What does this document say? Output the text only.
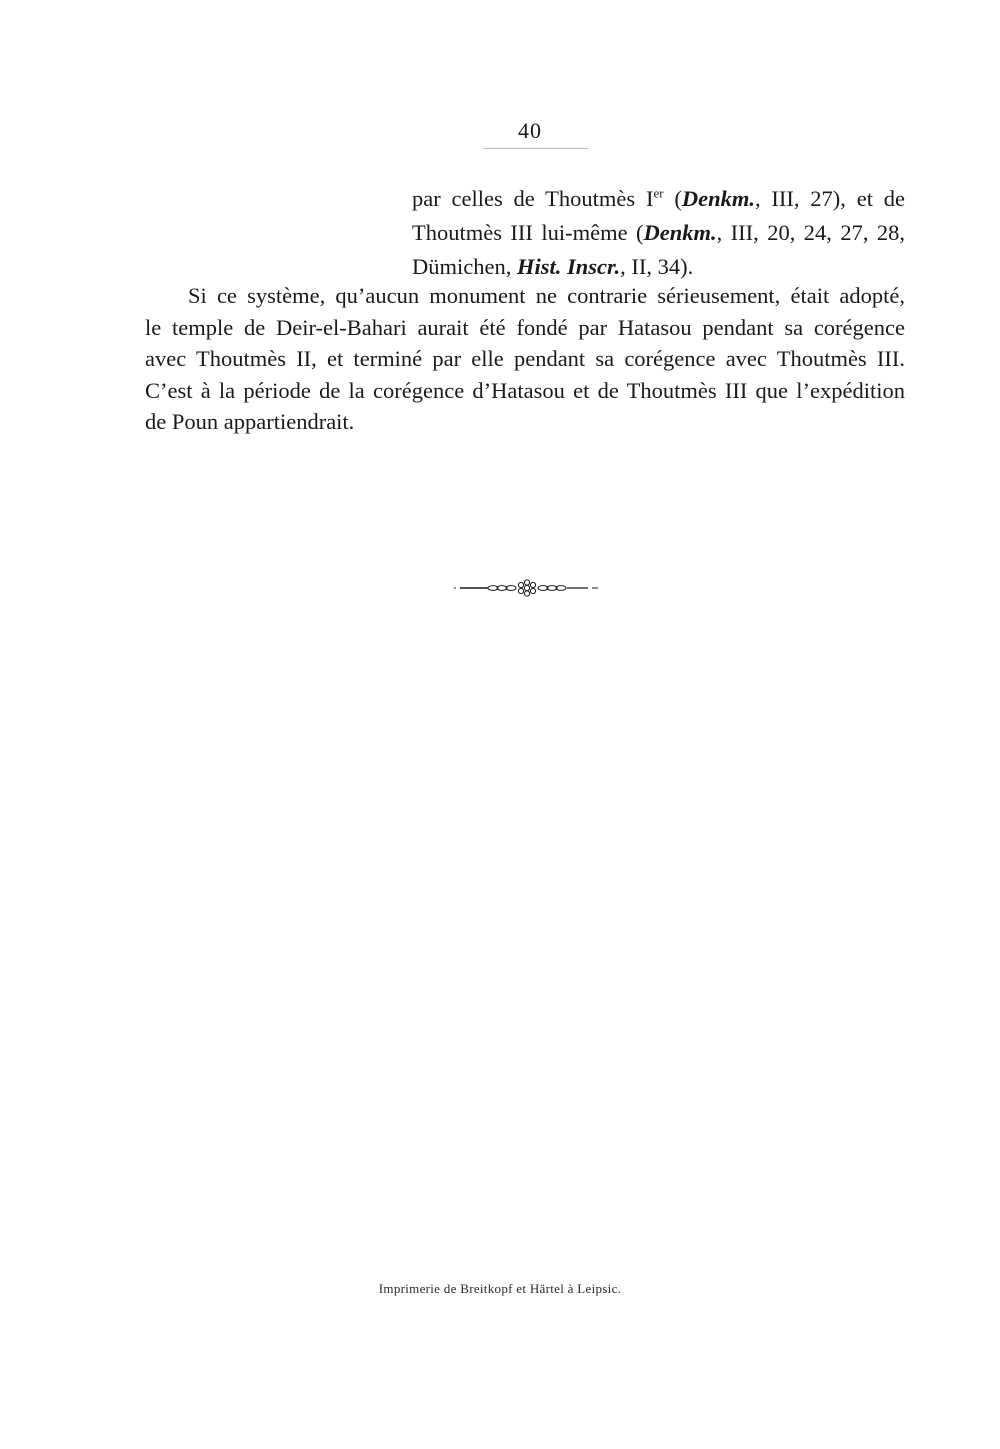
40
par celles de Thoutmès Ier (Denkm., III, 27), et de
Thoutmès III lui-même (Denkm., III, 20, 24, 27, 28,
Dümichen, Hist. Inscr., II, 34).
Si ce système, qu’aucun monument ne contrarie sérieusement, était adopté,
le temple de Deir-el-Bahari aurait été fondé par Hatasou pendant sa corégence
avec Thoutmès II, et terminé par elle pendant sa corégence avec Thoutmès III.
C’est à la période de la corégence d’Hatasou et de Thoutmès III que l’expédition
de Poun appartiendrait.
Imprimerie de Breitkopf et Härtel à Leipsic.
